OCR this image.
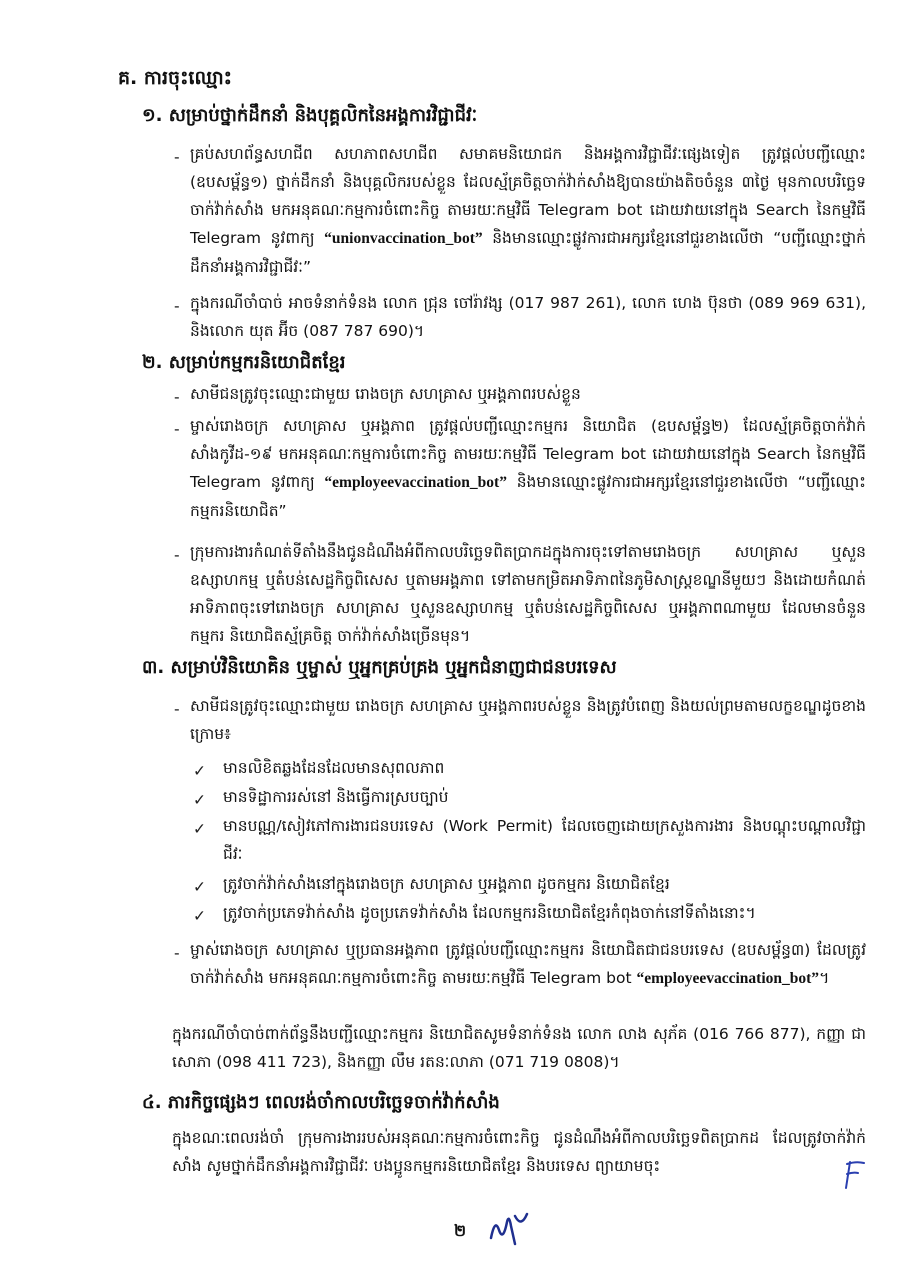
គ. ការចុះឈ្មោះ
១. សម្រាប់ថ្នាក់ដឹកនាំ និងបុគ្គលិកនៃអង្គការវិជ្ជាជីវៈ
- គ្រប់សហព័ន្ធសហជីព សហភាពសហជីព សមាគមនិយោជក និងអង្គការវិជ្ជាជីវៈផ្សេងទៀត ត្រូវផ្តល់បញ្ជីឈ្មោះ (ឧបសម្ព័ន្ធ១) ថ្នាក់ដឹកនាំ និងបុគ្គលិករបស់ខ្លួន ដែលស្ម័គ្រចិត្តចាក់វ៉ាក់សាំងឱ្យបានយ៉ាងតិចចំនួន ៣ថ្ងៃ មុនកាលបរិច្ឆេទចាក់វ៉ាក់សាំង មកអនុគណៈកម្មការចំពោះកិច្ច តាមរយៈកម្មវិធី Telegram bot ដោយវាយនៅក្នុង Search នៃកម្មវិធី Telegram នូវពាក្យ “unionvaccination_bot” និងមានឈ្មោះផ្លូវការជាអក្សរខ្មែរនៅជួរខាងលើថា “បញ្ជីឈ្មោះថ្នាក់ដឹកនាំអង្គការវិជ្ជាជីវៈ”
- ក្នុងករណីចាំបាច់ អាចទំនាក់ទំនង លោក ជ្រុន ចៅរ៉ាវង្ស (017 987 261), លោក ហេង ប៊ុនថា (089 969 631), និងលោក យុត អ៊ីច (087 787 690)។
២. សម្រាប់កម្មករនិយោជិតខ្មែរ
- សាមីជនត្រូវចុះឈ្មោះជាមួយ រោងចក្រ សហគ្រាស ឬអង្គភាពរបស់ខ្លួន
- ម្ចាស់រោងចក្រ សហគ្រាស ឬអង្គភាព ត្រូវផ្តល់បញ្ជីឈ្មោះកម្មករ និយោជិត (ឧបសម្ព័ន្ធ២) ដែលស្ម័គ្រចិត្តចាក់វ៉ាក់សាំងកូវីដ-១៩ មកអនុគណៈកម្មការចំពោះកិច្ច តាមរយៈកម្មវិធី Telegram bot ដោយវាយនៅក្នុង Search នៃកម្មវិធី Telegram នូវពាក្យ “employeevaccination_bot” និងមានឈ្មោះផ្លូវការជាអក្សរខ្មែរនៅជួរខាងលើថា “បញ្ជីឈ្មោះកម្មករនិយោជិត”
- ក្រុមការងារកំណត់ទីតាំងនឹងជូនដំណឹងអំពីកាលបរិច្ឆេទពិតប្រាកដក្នុងការចុះទៅតាមរោងចក្រ សហគ្រាស ឬសួនឧស្សាហកម្ម ឬតំបន់សេដ្ឋកិច្ចពិសេស ឬតាមអង្គភាព ទៅតាមកម្រិតអាទិភាពនៃភូមិសាស្ត្រខណ្ឌនីមួយៗ និងដោយកំណត់អាទិភាពចុះទៅរោងចក្រ សហគ្រាស ឬសួនឧស្សាហកម្ម ឬតំបន់សេដ្ឋកិច្ចពិសេស ឬអង្គភាពណាមួយ ដែលមានចំនួនកម្មករ និយោជិតស្ម័គ្រចិត្ត ចាក់វ៉ាក់សាំងច្រើនមុន។
៣. សម្រាប់វិនិយោគិន ឬម្ចាស់ ឬអ្នកគ្រប់គ្រង ឬអ្នកជំនាញជាជនបរទេស
- សាមីជនត្រូវចុះឈ្មោះជាមួយ រោងចក្រ សហគ្រាស ឬអង្គភាពរបស់ខ្លួន និងត្រូវបំពេញ និងយល់ព្រមតាមលក្ខខណ្ឌដូចខាងក្រោម៖
✓ មានលិខិតឆ្លងដែនដែលមានសុពលភាព
✓ មានទិដ្ឋាការរស់នៅ និងធ្វើការស្របច្បាប់
✓ មានបណ្ណ/សៀវភៅការងារជនបរទេស (Work Permit) ដែលចេញដោយក្រសួងការងារ និងបណ្តុះបណ្តាលវិជ្ជាជីវៈ
✓ ត្រូវចាក់វ៉ាក់សាំងនៅក្នុងរោងចក្រ សហគ្រាស ឬអង្គភាព ដូចកម្មករ និយោជិតខ្មែរ
✓ ត្រូវចាក់ប្រភេទវ៉ាក់សាំង ដូចប្រភេទវ៉ាក់សាំង ដែលកម្មករនិយោជិតខ្មែរកំពុងចាក់នៅទីតាំងនោះ។
- ម្ចាស់រោងចក្រ សហគ្រាស ឬប្រធានអង្គភាព ត្រូវផ្តល់បញ្ជីឈ្មោះកម្មករ និយោជិតជាជនបរទេស (ឧបសម្ព័ន្ធ៣) ដែលត្រូវចាក់វ៉ាក់សាំង មកអនុគណៈកម្មការចំពោះកិច្ច តាមរយៈកម្មវិធី Telegram bot “employeevaccination_bot”។
ក្នុងករណីចាំបាច់ពាក់ព័ន្ធនឹងបញ្ជីឈ្មោះកម្មករ និយោជិតសូមទំនាក់ទំនង លោក លាង សុភ័គ (016 766 877), កញ្ញា ជា សោភា (098 411 723), និងកញ្ញា លឹម រតនៈលាភា (071 719 0808)។
៤. ភារកិច្ចផ្សេងៗ ពេលរង់ចាំកាលបរិច្ឆេទចាក់វ៉ាក់សាំង
ក្នុងខណៈពេលរង់ចាំ ក្រុមការងាររបស់អនុគណៈកម្មការចំពោះកិច្ច ជូនដំណឹងអំពីកាលបរិច្ឆេទពិតប្រាកដ ដែលត្រូវចាក់វ៉ាក់សាំង សូមថ្នាក់ដឹកនាំអង្គការវិជ្ជាជីវៈ បងប្អូនកម្មករនិយោជិតខ្មែរ និងបរទេស ព្យាយាមចុះ
២
